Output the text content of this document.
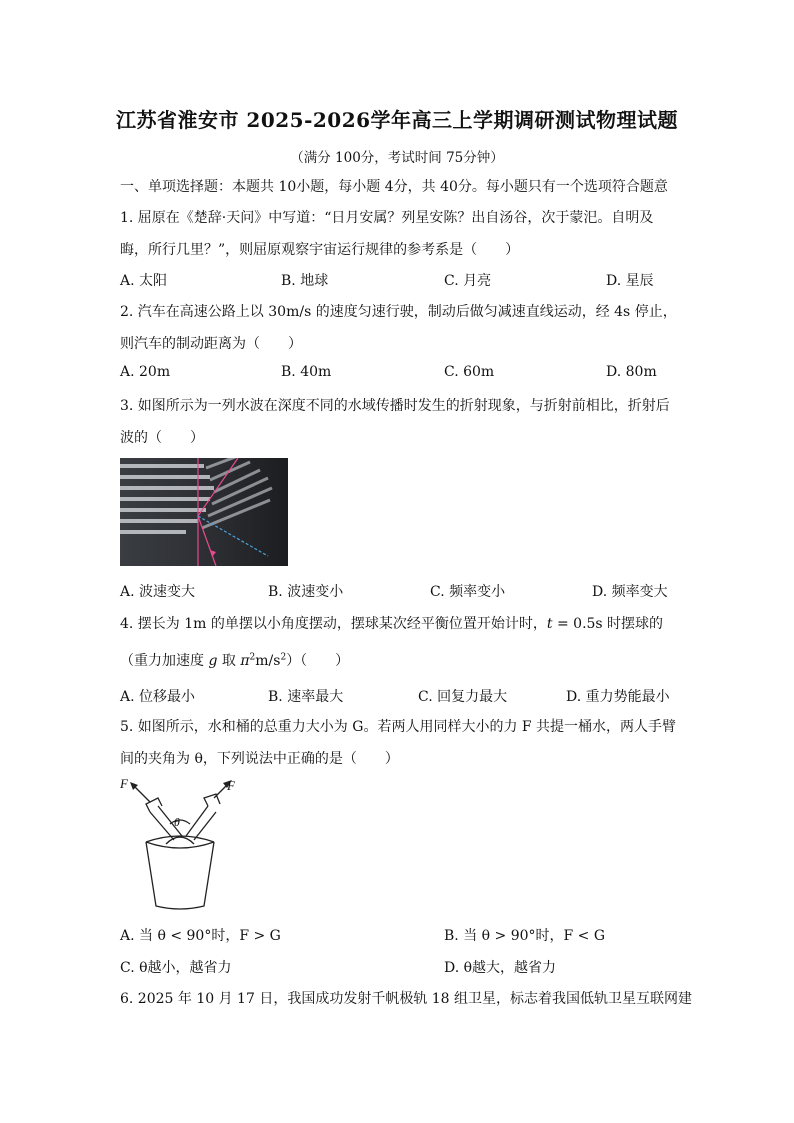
江苏省淮安市 2025-2026学年高三上学期调研测试物理试题
（满分 100分，考试时间 75分钟）
一、单项选择题：本题共 10小题，每小题 4分，共 40分。每小题只有一个选项符合题意
1. 屈原在《楚辞·天问》中写道：“日月安属？列星安陈？出自汤谷，次于蒙汜。自明及
晦，所行几里？”，则屈原观察宇宙运行规律的参考系是（　　）
A. 太阳	B. 地球	C. 月亮	D. 星辰
2. 汽车在高速公路上以 30m/s 的速度匀速行驶，制动后做匀减速直线运动，经 4s 停止，
则汽车的制动距离为（　　）
A. 20m	B. 40m	C. 60m	D. 80m
3. 如图所示为一列水波在深度不同的水域传播时发生的折射现象，与折射前相比，折射后
波的（　　）
A. 波速变大	B. 波速变小	C. 频率变小	D. 频率变大
4. 摆长为 1m 的单摆以小角度摆动，摆球某次经平衡位置开始计时，t = 0.5s 时摆球的
（重力加速度 g 取 $\pi^2m/s^2$）（　　）
A. 位移最小	B. 速率最大	C. 回复力最大	D. 重力势能最小
5. 如图所示，水和桶的总重力大小为 G。若两人用同样大小的力 F 共提一桶水，两人手臂
间的夹角为 θ，下列说法中正确的是（　　）
F	F
θ
A. 当 θ < 90°时，F > G	B. 当 θ > 90°时，F < G
C. θ越小，越省力	D. θ越大，越省力
6. 2025 年 10 月 17 日，我国成功发射千帆极轨 18 组卫星，标志着我国低轨卫星互联网建
